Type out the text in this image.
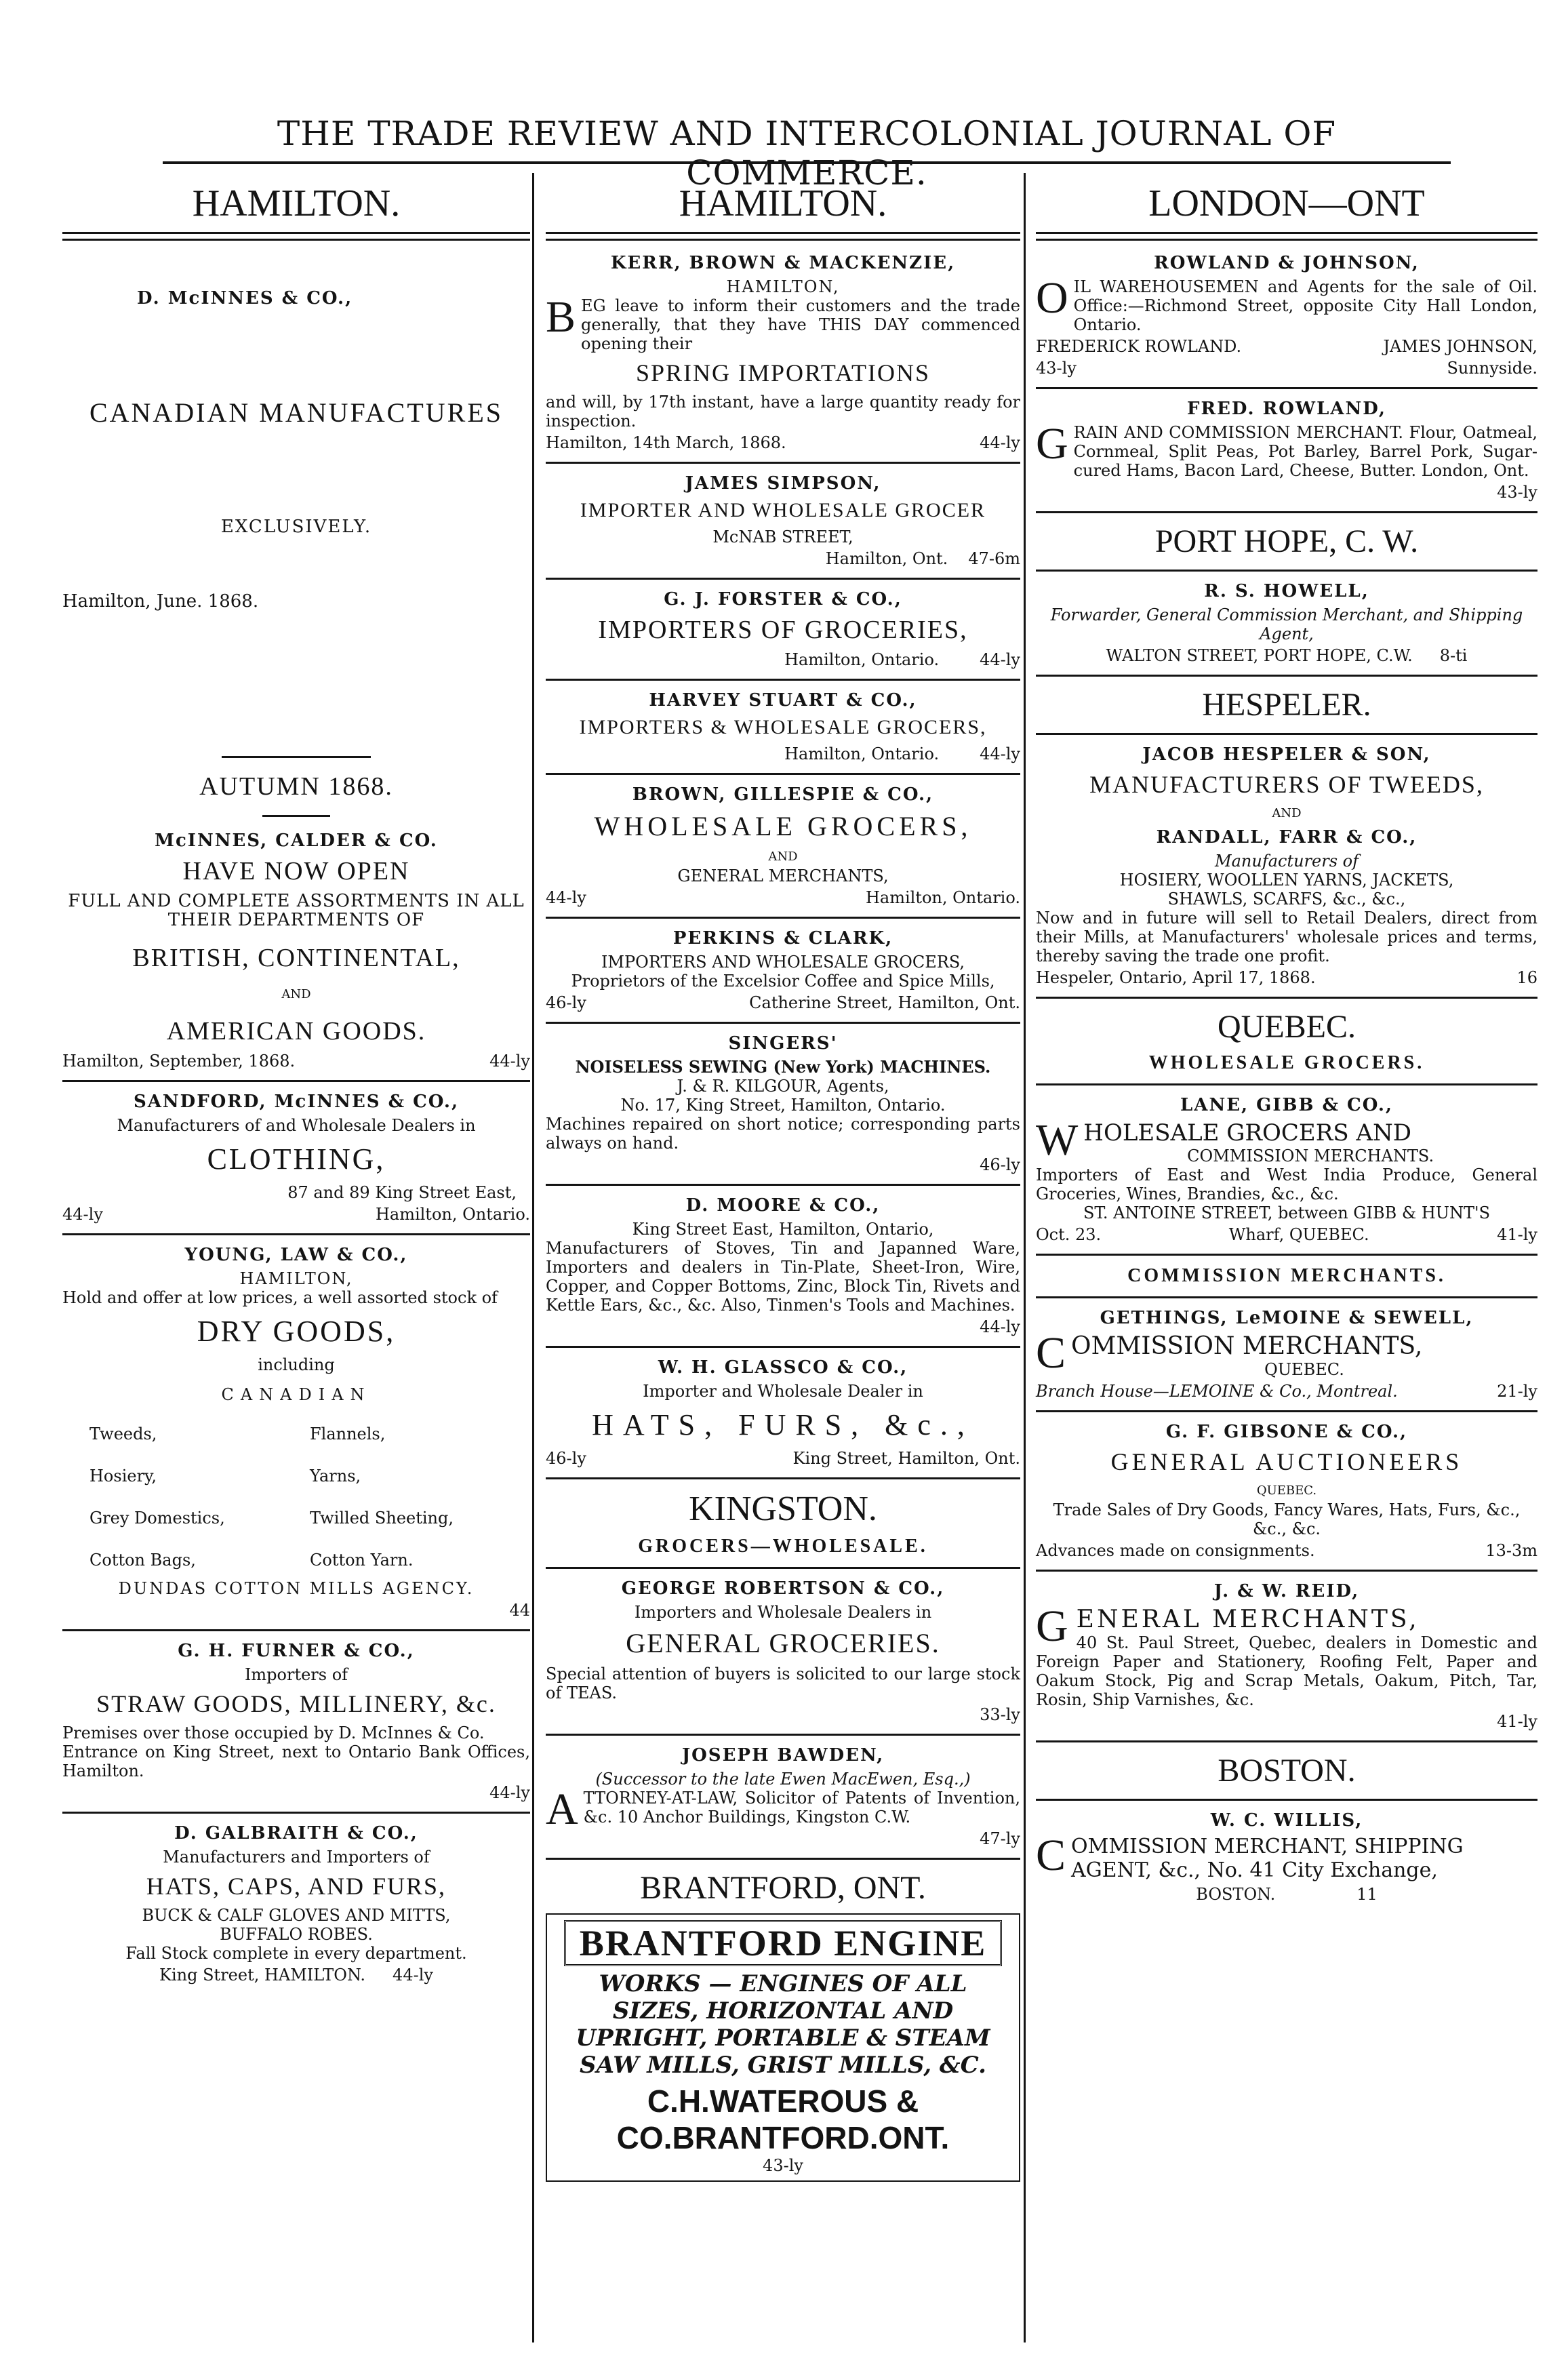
THE TRADE REVIEW AND INTERCOLONIAL JOURNAL OF COMMERCE.
HAMILTON.
D. McINNES & CO.,
CANADIAN MANUFACTURES
EXCLUSIVELY.
Hamilton, June. 1868.
AUTUMN 1868.
McINNES, CALDER & CO.
HAVE NOW OPEN
FULL AND COMPLETE ASSORTMENTS IN ALL THEIR DEPARTMENTS OF
BRITISH, CONTINENTAL,
AND
AMERICAN GOODS.
Hamilton, September, 1868.	44-ly
SANDFORD, McINNES & CO.,
Manufacturers of and Wholesale Dealers in
CLOTHING,
87 and 89 King Street East,
44-ly	Hamilton, Ontario.
YOUNG, LAW & CO.,
HAMILTON,
Hold and offer at low prices, a well assorted stock of
DRY GOODS,
including
CANADIAN
Tweeds,	Flannels,
Hosiery,	Yarns,
Grey Domestics,	Twilled Sheeting,
Cotton Bags,	Cotton Yarn.
DUNDAS COTTON MILLS AGENCY.
44
G. H. FURNER & CO.,
Importers of
STRAW GOODS, MILLINERY, &c.
Premises over those occupied by D. McInnes & Co.
Entrance on King Street, next to Ontario Bank Offices, Hamilton.
44-ly
D. GALBRAITH & CO.,
Manufacturers and Importers of
HATS, CAPS, AND FURS,
BUCK & CALF GLOVES AND MITTS,
BUFFALO ROBES.
Fall Stock complete in every department.
King Street, HAMILTON. 44-ly
HAMILTON.
KERR, BROWN & MACKENZIE,
HAMILTON,
BEG leave to inform their customers and the trade generally, that they have THIS DAY commenced opening their
SPRING IMPORTATIONS
and will, by 17th instant, have a large quantity ready for inspection.
Hamilton, 14th March, 1868.	44-ly
JAMES SIMPSON,
IMPORTER AND WHOLESALE GROCER
McNAB STREET,
Hamilton, Ont. 47-6m
G. J. FORSTER & CO.,
IMPORTERS OF GROCERIES,
Hamilton, Ontario.	44-ly
HARVEY STUART & CO.,
IMPORTERS & WHOLESALE GROCERS,
Hamilton, Ontario.	44-ly
BROWN, GILLESPIE & CO.,
WHOLESALE GROCERS,
AND
GENERAL MERCHANTS,
44-ly	Hamilton, Ontario.
PERKINS & CLARK,
IMPORTERS AND WHOLESALE GROCERS,
Proprietors of the Excelsior Coffee and Spice Mills,
46-ly	Catherine Street, Hamilton, Ont.
SINGERS'
NOISELESS SEWING (New York) MACHINES.
J. & R. KILGOUR, Agents,
No. 17, King Street, Hamilton, Ontario.
Machines repaired on short notice; corresponding parts always on hand.
46-ly
D. MOORE & CO.,
King Street East, Hamilton, Ontario,
Manufacturers of Stoves, Tin and Japanned Ware, Importers and dealers in Tin-Plate, Sheet-Iron, Wire, Copper, and Copper Bottoms, Zinc, Block Tin, Rivets and Kettle Ears, &c., &c. Also, Tinmen's Tools and Machines.
44-ly
W. H. GLASSCO & CO.,
Importer and Wholesale Dealer in
HATS, FURS, &c.,
46-ly	King Street, Hamilton, Ont.
KINGSTON.
GROCERS—WHOLESALE.
GEORGE ROBERTSON & CO.,
Importers and Wholesale Dealers in
GENERAL GROCERIES.
Special attention of buyers is solicited to our large stock of TEAS.
33-ly
JOSEPH BAWDEN,
(Successor to the late Ewen MacEwen, Esq.,)
ATTORNEY-AT-LAW, Solicitor of Patents of Invention, &c. 10 Anchor Buildings, Kingston C.W.
47-ly
BRANTFORD, ONT.
BRANTFORD ENGINE
WORKS — ENGINES OF ALL SIZES, HORIZONTAL AND UPRIGHT, PORTABLE & STEAM SAW MILLS, GRIST MILLS, &C.
C.H.WATEROUS & CO.BRANTFORD.ONT.
43-ly
LONDON—ONT
ROWLAND & JOHNSON,
OIL WAREHOUSEMEN and Agents for the sale of Oil. Office:—Richmond Street, opposite City Hall London, Ontario.
FREDERICK ROWLAND.	JAMES JOHNSON,
43-ly	Sunnyside.
FRED. ROWLAND,
GRAIN AND COMMISSION MERCHANT. Flour, Oatmeal, Cornmeal, Split Peas, Pot Barley, Barrel Pork, Sugar-cured Hams, Bacon Lard, Cheese, Butter. London, Ont.
43-ly
PORT HOPE, C. W.
R. S. HOWELL,
Forwarder, General Commission Merchant, and Shipping Agent,
WALTON STREET, PORT HOPE, C.W. 8-ti
HESPELER.
JACOB HESPELER & SON,
MANUFACTURERS OF TWEEDS,
AND
RANDALL, FARR & CO.,
Manufacturers of
HOSIERY, WOOLLEN YARNS, JACKETS,
SHAWLS, SCARFS, &c., &c.,
Now and in future will sell to Retail Dealers, direct from their Mills, at Manufacturers' wholesale prices and terms, thereby saving the trade one profit.
Hespeler, Ontario, April 17, 1868.	16
QUEBEC.
WHOLESALE GROCERS.
LANE, GIBB & CO.,
WHOLESALE GROCERS AND
COMMISSION MERCHANTS.
Importers of East and West India Produce, General Groceries, Wines, Brandies, &c., &c.
ST. ANTOINE STREET, between GIBB & HUNT'S
Oct. 23.	Wharf, QUEBEC.	41-ly
COMMISSION MERCHANTS.
GETHINGS, LeMOINE & SEWELL,
COMMISSION MERCHANTS,
QUEBEC.
Branch House—LEMOINE & Co., Montreal.	21-ly
G. F. GIBSONE & CO.,
GENERAL AUCTIONEERS
QUEBEC.
Trade Sales of Dry Goods, Fancy Wares, Hats, Furs, &c., &c., &c.
Advances made on consignments.	13-3m
J. & W. REID,
GENERAL MERCHANTS,
40 St. Paul Street, Quebec, dealers in Domestic and Foreign Paper and Stationery, Roofing Felt, Paper and Oakum Stock, Pig and Scrap Metals, Oakum, Pitch, Tar, Rosin, Ship Varnishes, &c.
41-ly
BOSTON.
W. C. WILLIS,
COMMISSION MERCHANT, SHIPPING AGENT, &c., No. 41 City Exchange,
BOSTON.	11
